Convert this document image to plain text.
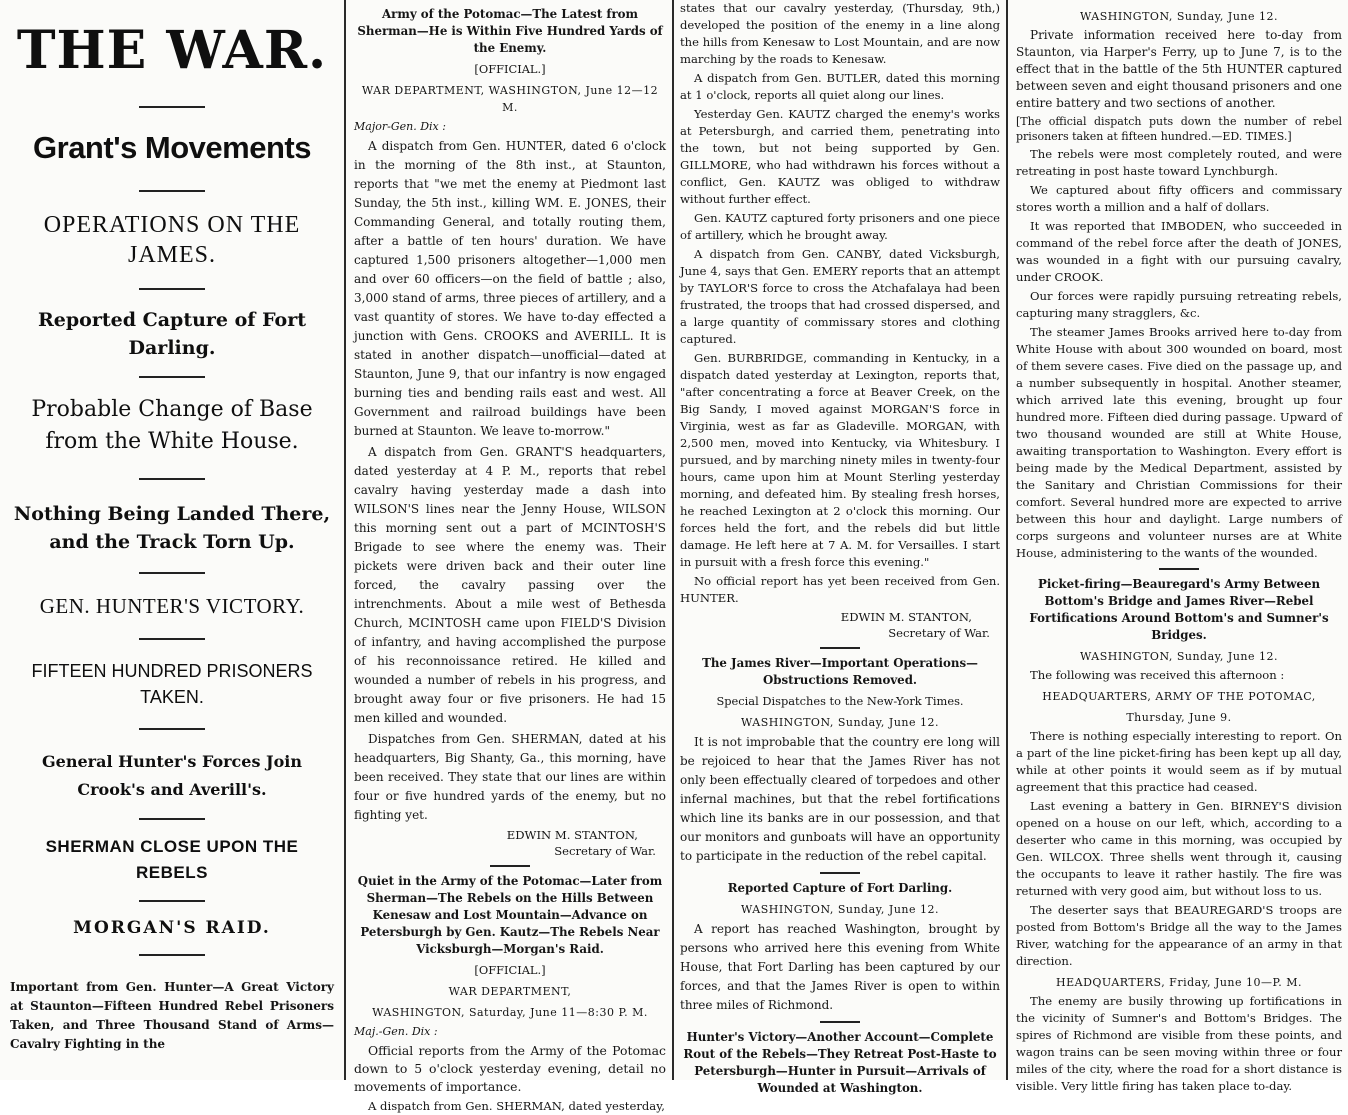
THE WAR.
Grant's Movements
OPERATIONS ON THE JAMES.
Reported Capture of Fort Darling.
Probable Change of Base from the White House.
Nothing Being Landed There, and the Track Torn Up.
GEN. HUNTER'S VICTORY.
FIFTEEN HUNDRED PRISONERS TAKEN.
General Hunter's Forces Join Crook's and Averill's.
SHERMAN CLOSE UPON THE REBELS
MORGAN'S RAID.
Important from Gen. Hunter—A Great Victory at Staunton—Fifteen Hundred Rebel Prisoners Taken, and Three Thousand Stand of Arms—Cavalry Fighting in the
Army of the Potomac—The Latest from Sherman—He is Within Five Hundred Yards of the Enemy.
[OFFICIAL.]
WAR DEPARTMENT, WASHINGTON, June 12—12 M.
Major-Gen. Dix :

A dispatch from Gen. HUNTER, dated 6 o'clock in the morning of the 8th inst., at Staunton, reports that "we met the enemy at Piedmont last Sunday, the 5th inst., killing WM. E. JONES, their Commanding General, and totally routing them, after a battle of ten hours' duration. We have captured 1,500 prisoners altogether—1,000 men and over 60 officers—on the field of battle ; also, 3,000 stand of arms, three pieces of artillery, and a vast quantity of stores. We have to-day effected a junction with Gens. CROOKS and AVERILL. It is stated in another dispatch—unofficial—dated at Staunton, June 9, that our infantry is now engaged burning ties and bending rails east and west. All Government and railroad buildings have been burned at Staunton. We leave to-morrow."

A dispatch from Gen. GRANT'S headquarters, dated yesterday at 4 P. M., reports that rebel cavalry having yesterday made a dash into WILSON'S lines near the Jenny House, WILSON this morning sent out a part of MCINTOSH'S Brigade to see where the enemy was. Their pickets were driven back and their outer line forced, the cavalry passing over the intrenchments. About a mile west of Bethesda Church, MCINTOSH came upon FIELD'S Division of infantry, and having accomplished the purpose of his reconnoissance retired. He killed and wounded a number of rebels in his progress, and brought away four or five prisoners. He had 15 men killed and wounded.

Dispatches from Gen. SHERMAN, dated at his headquarters, Big Shanty, Ga., this morning, have been received. They state that our lines are within four or five hundred yards of the enemy, but no fighting yet.

EDWIN M. STANTON,
Secretary of War.
Quiet in the Army of the Potomac—Later from Sherman—The Rebels on the Hills Between Kenesaw and Lost Mountain—Advance on Petersburgh by Gen. Kautz—The Rebels Near Vicksburgh—Morgan's Raid.
[OFFICIAL.]
WAR DEPARTMENT,
WASHINGTON, Saturday, June 11—8:30 P. M.
Maj.-Gen. Dix :

Official reports from the Army of the Potomac down to 5 o'clock yesterday evening, detail no movements of importance.

A dispatch from Gen. SHERMAN, dated yesterday,

states that our cavalry yesterday, (Thursday, 9th,) developed the position of the enemy in a line along the hills from Kenesaw to Lost Mountain, and are now marching by the roads to Kenesaw.

A dispatch from Gen. BUTLER, dated this morning at 1 o'clock, reports all quiet along our lines.

Yesterday Gen. KAUTZ charged the enemy's works at Petersburgh, and carried them, penetrating into the town, but not being supported by Gen. GILLMORE, who had withdrawn his forces without a conflict, Gen. KAUTZ was obliged to withdraw without further effect.

Gen. KAUTZ captured forty prisoners and one piece of artillery, which he brought away.

A dispatch from Gen. CANBY, dated Vicksburgh, June 4, says that Gen. EMERY reports that an attempt by TAYLOR'S force to cross the Atchafalaya had been frustrated, the troops that had crossed dispersed, and a large quantity of commissary stores and clothing captured.

Gen. BURBRIDGE, commanding in Kentucky, in a dispatch dated yesterday at Lexington, reports that, "after concentrating a force at Beaver Creek, on the Big Sandy, I moved against MORGAN'S force in Virginia, west as far as Gladeville. MORGAN, with 2,500 men, moved into Kentucky, via Whitesbury. I pursued, and by marching ninety miles in twenty-four hours, came upon him at Mount Sterling yesterday morning, and defeated him. By stealing fresh horses, he reached Lexington at 2 o'clock this morning. Our forces held the fort, and the rebels did but little damage. He left here at 7 A. M. for Versailles. I start in pursuit with a fresh force this evening."

No official report has yet been received from Gen. HUNTER.

EDWIN M. STANTON,
Secretary of War.
The James River—Important Operations—Obstructions Removed.
Special Dispatches to the New-York Times.
WASHINGTON, Sunday, June 12.

It is not improbable that the country ere long will be rejoiced to hear that the James River has not only been effectually cleared of torpedoes and other infernal machines, but that the rebel fortifications which line its banks are in our possession, and that our monitors and gunboats will have an opportunity to participate in the reduction of the rebel capital.

Reported Capture of Fort Darling.
WASHINGTON, Sunday, June 12.

A report has reached Washington, brought by persons who arrived here this evening from White House, that Fort Darling has been captured by our forces, and that the James River is open to within three miles of Richmond.

Hunter's Victory—Another Account—Complete Rout of the Rebels—They Retreat Post-Haste to Petersburgh—Hunter in Pursuit—Arrivals of Wounded at Washington.
WASHINGTON, Sunday, June 12.

Private information received here to-day from Staunton, via Harper's Ferry, up to June 7, is to the effect that in the battle of the 5th HUNTER captured between seven and eight thousand prisoners and one entire battery and two sections of another.

[The official dispatch puts down the number of rebel prisoners taken at fifteen hundred.—ED. TIMES.]

The rebels were most completely routed, and were retreating in post haste toward Lynchburgh.

We captured about fifty officers and commissary stores worth a million and a half of dollars.

It was reported that IMBODEN, who succeeded in command of the rebel force after the death of JONES, was wounded in a fight with our pursuing cavalry, under CROOK.

Our forces were rapidly pursuing retreating rebels, capturing many stragglers, &c.

The steamer James Brooks arrived here to-day from White House with about 300 wounded on board, most of them severe cases. Five died on the passage up, and a number subsequently in hospital. Another steamer, which arrived late this evening, brought up four hundred more. Fifteen died during passage. Upward of two thousand wounded are still at White House, awaiting transportation to Washington. Every effort is being made by the Medical Department, assisted by the Sanitary and Christian Commissions for their comfort. Several hundred more are expected to arrive between this hour and daylight. Large numbers of corps surgeons and volunteer nurses are at White House, administering to the wants of the wounded.

Picket-firing—Beauregard's Army Between Bottom's Bridge and James River—Rebel Fortifications Around Bottom's and Sumner's Bridges.
WASHINGTON, Sunday, June 12.

The following was received this afternoon :

HEADQUARTERS, ARMY OF THE POTOMAC,
Thursday, June 9.

There is nothing especially interesting to report. On a part of the line picket-firing has been kept up all day, while at other points it would seem as if by mutual agreement that this practice had ceased.

Last evening a battery in Gen. BIRNEY'S division opened on a house on our left, which, according to a deserter who came in this morning, was occupied by Gen. WILCOX. Three shells went through it, causing the occupants to leave it rather hastily. The fire was returned with very good aim, but without loss to us.

The deserter says that BEAUREGARD'S troops are posted from Bottom's Bridge all the way to the James River, watching for the appearance of an army in that direction.

HEADQUARTERS, Friday, June 10—P. M.

The enemy are busily throwing up fortifications in the vicinity of Sumner's and Bottom's Bridges. The spires of Richmond are visible from these points, and wagon trains can be seen moving within three or four miles of the city, where the road for a short distance is visible. Very little firing has taken place to-day.
